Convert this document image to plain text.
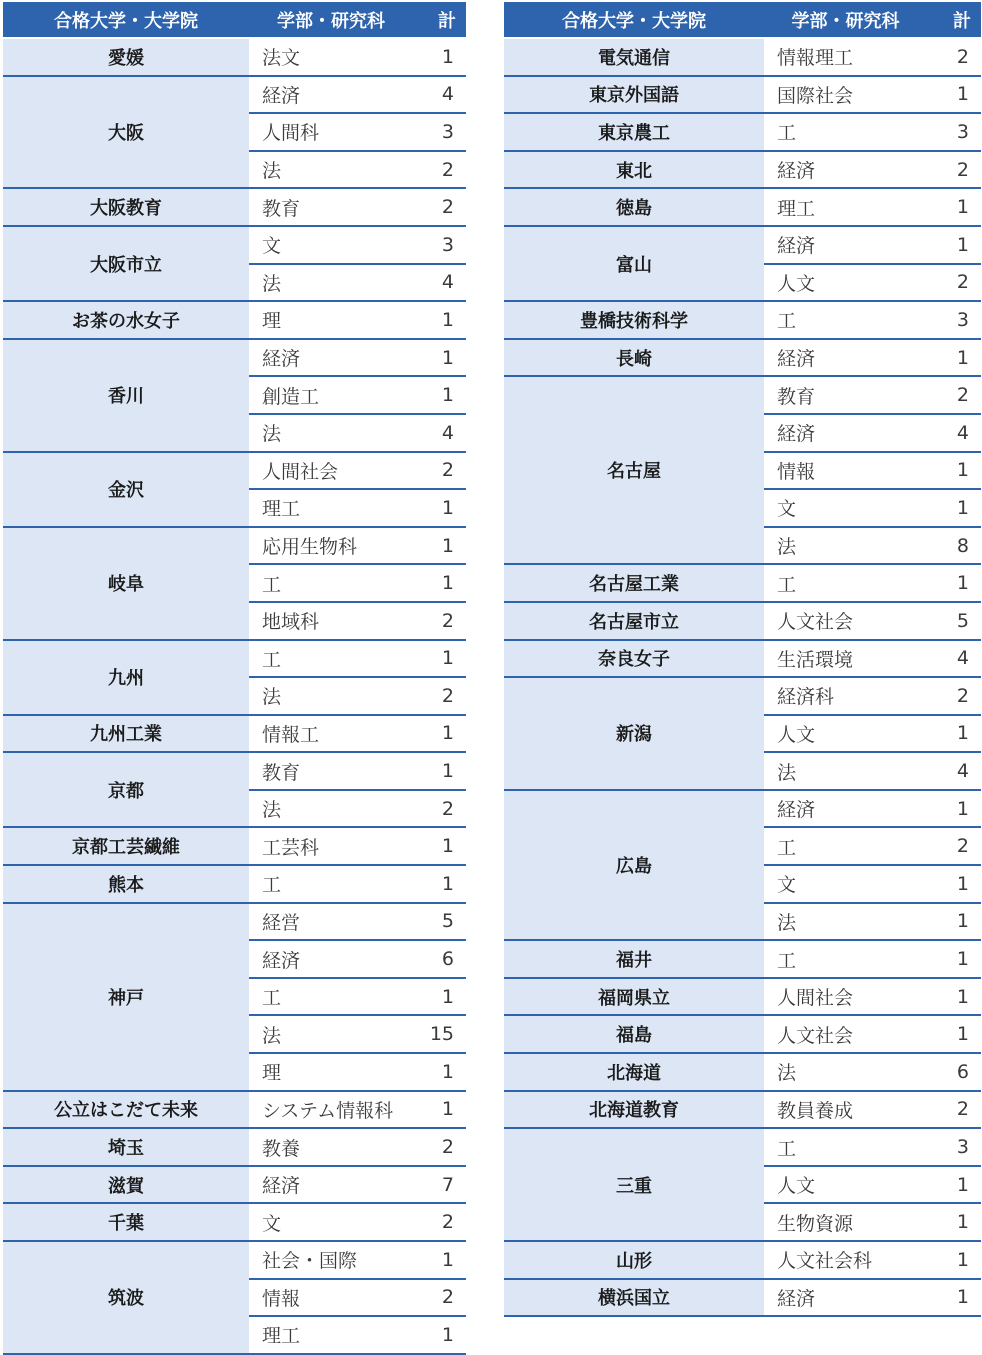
合格大学・大学院	学部・研究科	計
愛媛	法文	1
大阪	経済	4
	人間科	3
	法	2
大阪教育	教育	2
大阪市立	文	3
	法	4
お茶の水女子	理	1
香川	経済	1
	創造工	1
	法	4
金沢	人間社会	2
	理工	1
岐阜	応用生物科	1
	工	1
	地域科	2
九州	工	1
	法	2
九州工業	情報工	1
京都	教育	1
	法	2
京都工芸繊維	工芸科	1
熊本	工	1
神戸	経営	5
	経済	6
	工	1
	法	15
	理	1
公立はこだて未来	システム情報科	1
埼玉	教養	2
滋賀	経済	7
千葉	文	2
筑波	社会・国際	1
	情報	2
	理工	1
合格大学・大学院	学部・研究科	計
電気通信	情報理工	2
東京外国語	国際社会	1
東京農工	工	3
東北	経済	2
徳島	理工	1
富山	経済	1
	人文	2
豊橋技術科学	工	3
長崎	経済	1
名古屋	教育	2
	経済	4
	情報	1
	文	1
	法	8
名古屋工業	工	1
名古屋市立	人文社会	5
奈良女子	生活環境	4
新潟	経済科	2
	人文	1
	法	4
広島	経済	1
	工	2
	文	1
	法	1
福井	工	1
福岡県立	人間社会	1
福島	人文社会	1
北海道	法	6
北海道教育	教員養成	2
三重	工	3
	人文	1
	生物資源	1
山形	人文社会科	1
横浜国立	経済	1
